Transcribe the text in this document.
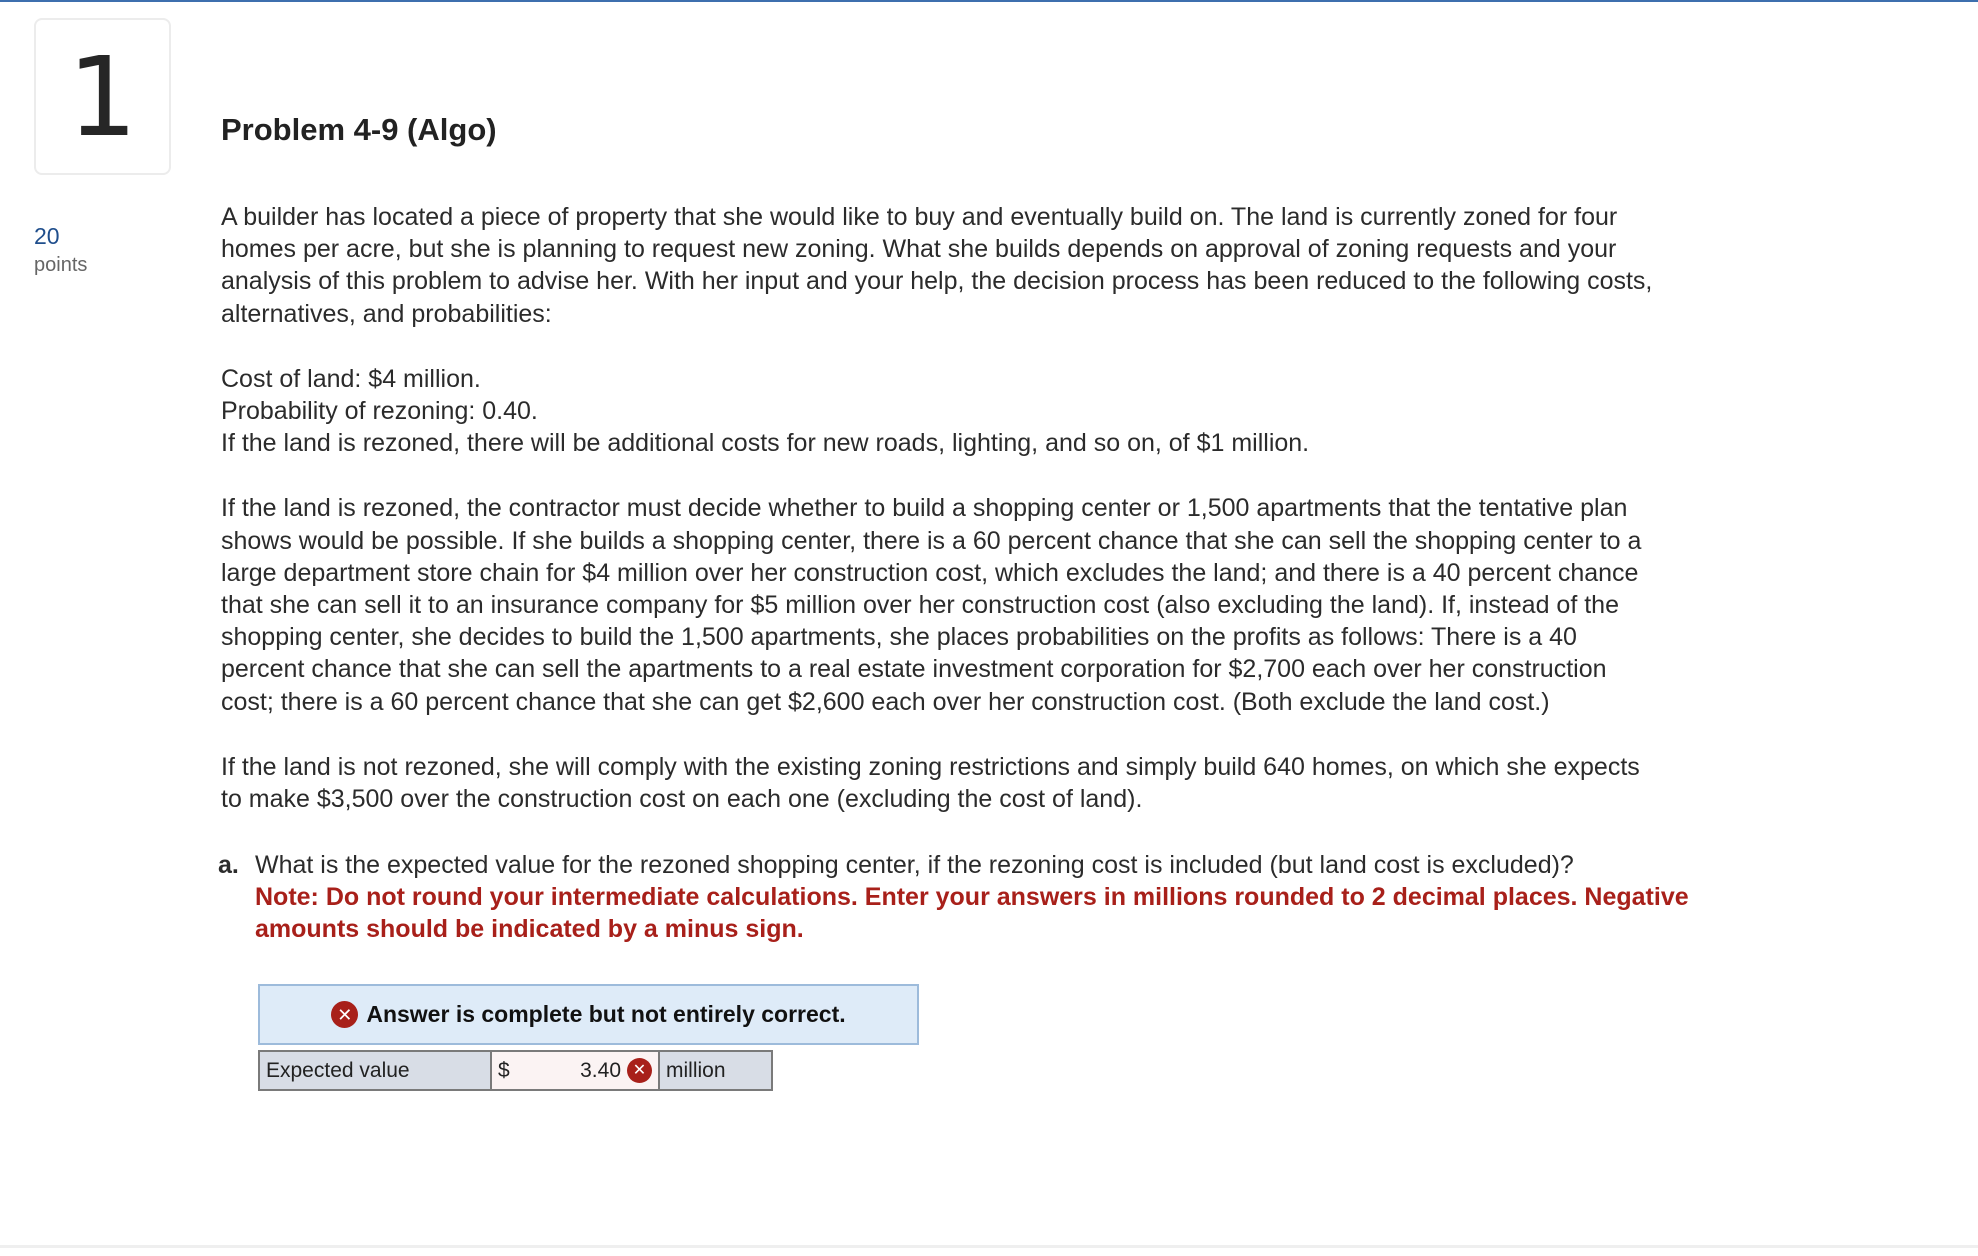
1
20
points
Problem 4-9 (Algo)

A builder has located a piece of property that she would like to buy and eventually build on. The land is currently zoned for four
homes per acre, but she is planning to request new zoning. What she builds depends on approval of zoning requests and your
analysis of this problem to advise her. With her input and your help, the decision process has been reduced to the following costs,
alternatives, and probabilities:

Cost of land: $4 million.
Probability of rezoning: 0.40.
If the land is rezoned, there will be additional costs for new roads, lighting, and so on, of $1 million.

If the land is rezoned, the contractor must decide whether to build a shopping center or 1,500 apartments that the tentative plan
shows would be possible. If she builds a shopping center, there is a 60 percent chance that she can sell the shopping center to a
large department store chain for $4 million over her construction cost, which excludes the land; and there is a 40 percent chance
that she can sell it to an insurance company for $5 million over her construction cost (also excluding the land). If, instead of the
shopping center, she decides to build the 1,500 apartments, she places probabilities on the profits as follows: There is a 40
percent chance that she can sell the apartments to a real estate investment corporation for $2,700 each over her construction
cost; there is a 60 percent chance that she can get $2,600 each over her construction cost. (Both exclude the land cost.)

If the land is not rezoned, she will comply with the existing zoning restrictions and simply build 640 homes, on which she expects
to make $3,500 over the construction cost on each one (excluding the cost of land).

a. What is the expected value for the rezoned shopping center, if the rezoning cost is included (but land cost is excluded)?
Note: Do not round your intermediate calculations. Enter your answers in millions rounded to 2 decimal places. Negative
amounts should be indicated by a minus sign.
✕ Answer is complete but not entirely correct.
Expected value	$	3.40 ✕ million
